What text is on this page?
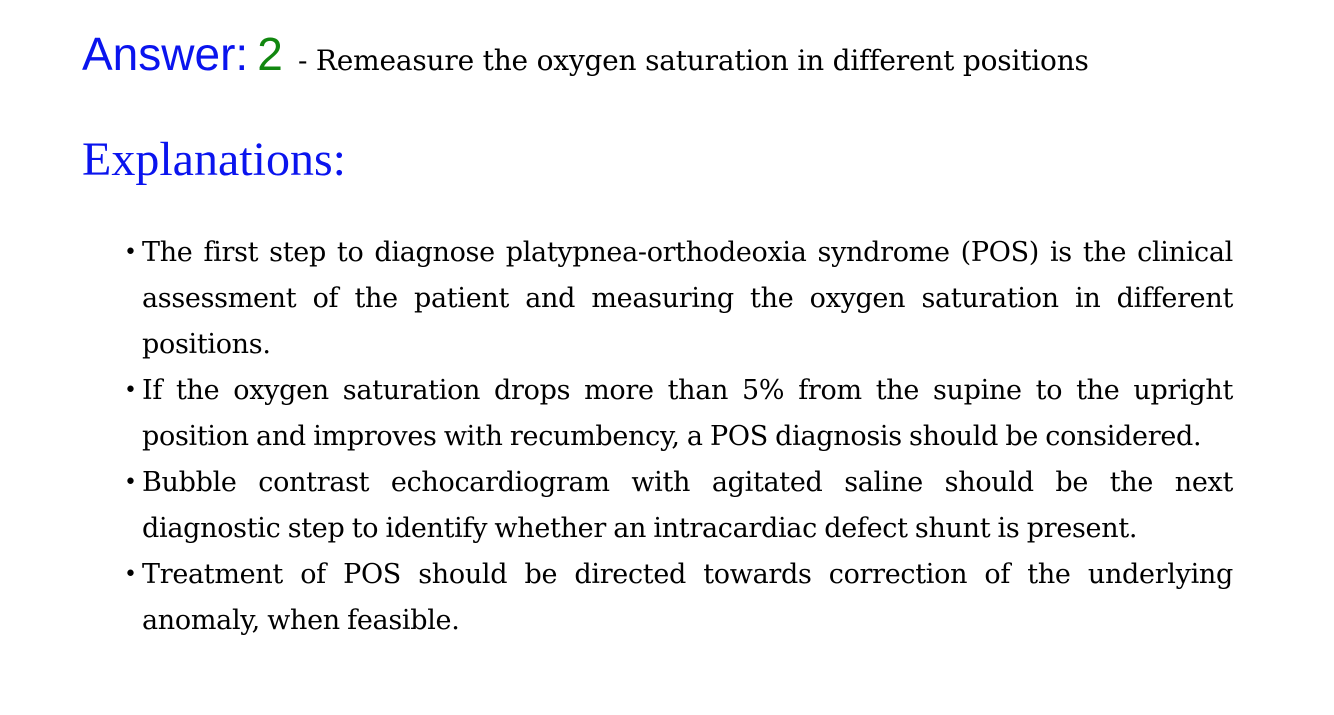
Answer: 2 - Remeasure the oxygen saturation in different positions
Explanations:
• The first step to diagnose platypnea-orthodeoxia syndrome (POS) is the clinical assessment of the patient and measuring the oxygen saturation in different positions.
• If the oxygen saturation drops more than 5% from the supine to the upright position and improves with recumbency, a POS diagnosis should be considered.
• Bubble contrast echocardiogram with agitated saline should be the next diagnostic step to identify whether an intracardiac defect shunt is present.
• Treatment of POS should be directed towards correction of the underlying anomaly, when feasible.
